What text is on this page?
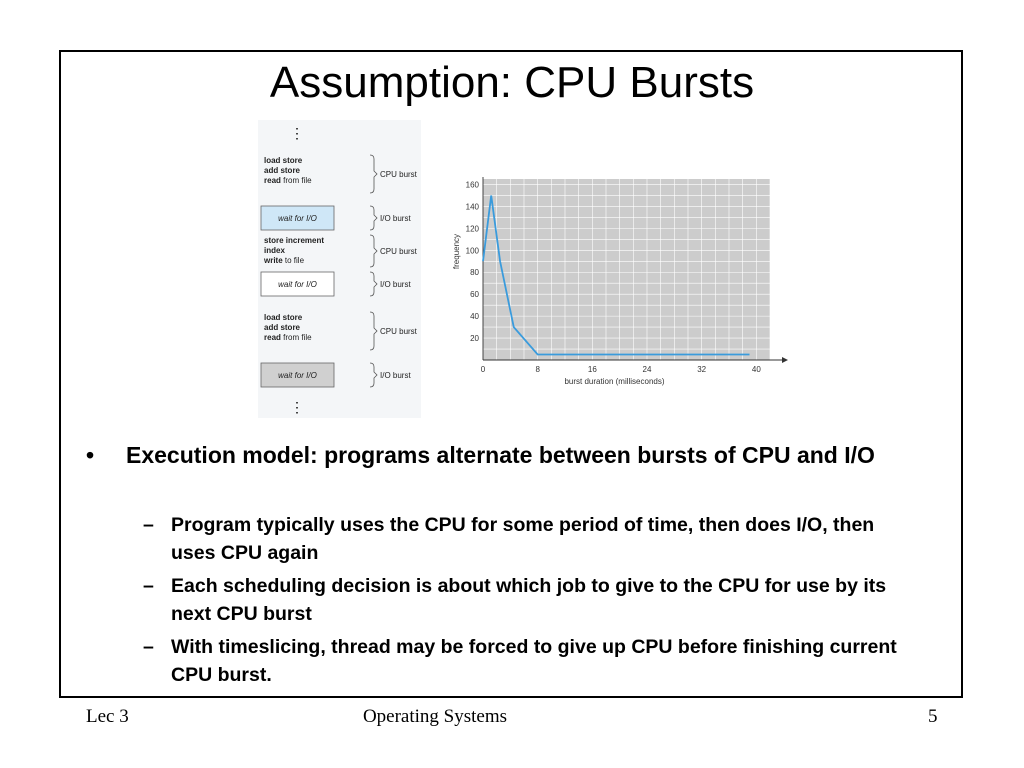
Assumption: CPU Bursts
⋮
⋮
load store
add store
read from file
CPU burst
wait for I/O	I/O burst
store increment
index
write to file
CPU burst
wait for I/O	I/O burst
load store
add store
read from file
CPU burst
wait for I/O	I/O burst
0	8	16	24	32	40
20
40
60
80
100
120
140
160
burst duration (milliseconds)
frequency
• Execution model: programs alternate between bursts of CPU and I/O
– Program typically uses the CPU for some period of time, then does I/O, then uses CPU again
– Each scheduling decision is about which job to give to the CPU for use by its next CPU burst
– With timeslicing, thread may be forced to give up CPU before finishing current CPU burst.
Lec 3	Operating Systems	5
